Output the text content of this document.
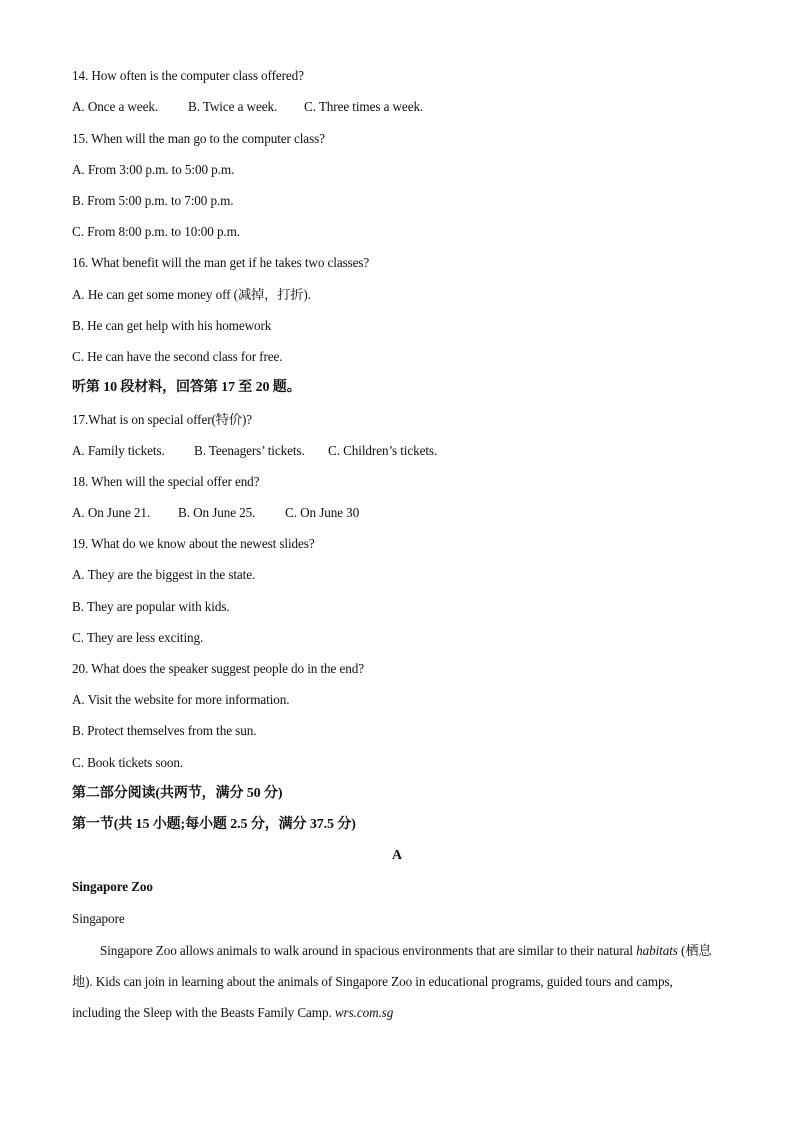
14. How often is the computer class offered?
A. Once a week. B. Twice a week. C. Three times a week.
15. When will the man go to the computer class?
A. From 3:00 p.m. to 5:00 p.m.
B. From 5:00 p.m. to 7:00 p.m.
C. From 8:00 p.m. to 10:00 p.m.
16. What benefit will the man get if he takes two classes?
A. He can get some money off (减掉，打折).
B. He can get help with his homework
C. He can have the second class for free.
听第 10 段材料，回答第 17 至 20 题。
17.What is on special offer(特价)?
A. Family tickets. B. Teenagers’ tickets. C. Children’s tickets.
18. When will the special offer end?
A. On June 21. B. On June 25. C. On June 30
19. What do we know about the newest slides?
A. They are the biggest in the state.
B. They are popular with kids.
C. They are less exciting.
20. What does the speaker suggest people do in the end?
A. Visit the website for more information.
B. Protect themselves from the sun.
C. Book tickets soon.
第二部分阅读(共两节，满分 50 分)
第一节(共 15 小题;每小题 2.5 分，满分 37.5 分)
A
Singapore Zoo
Singapore
Singapore Zoo allows animals to walk around in spacious environments that are similar to their natural habitats (栖息地). Kids can join in learning about the animals of Singapore Zoo in educational programs, guided tours and camps, including the Sleep with the Beasts Family Camp. wrs.com.sg
